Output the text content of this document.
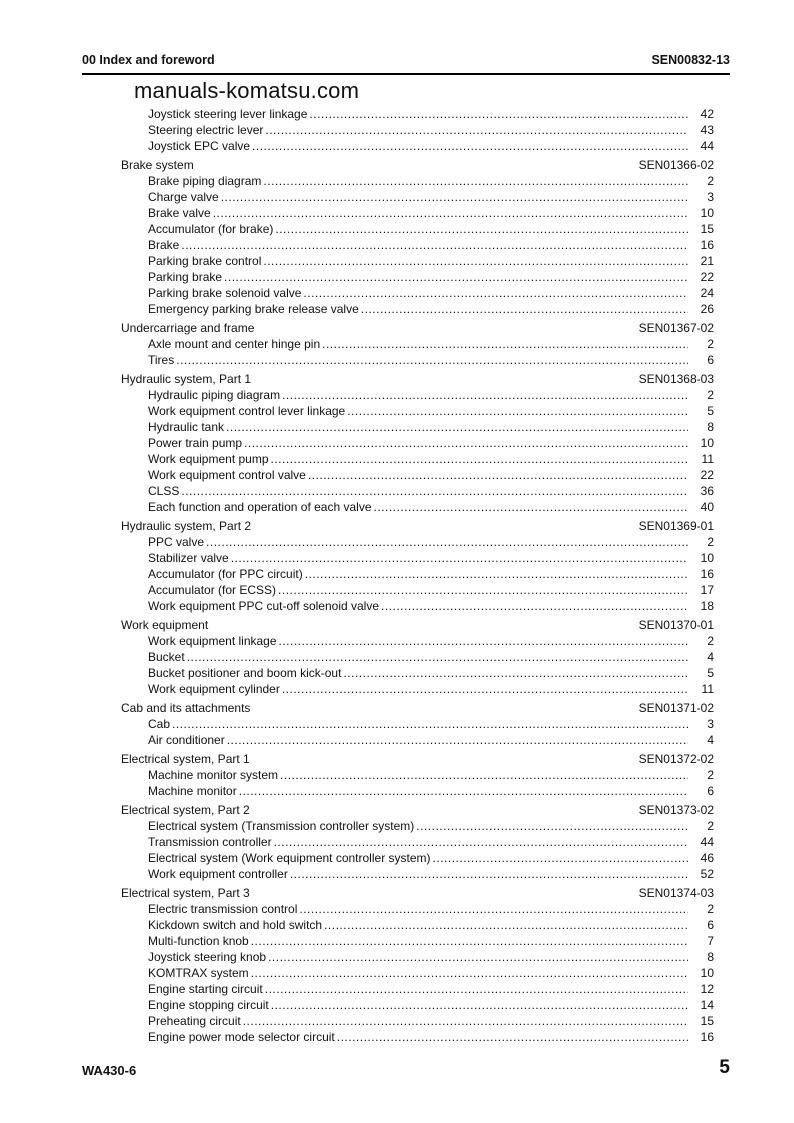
00 Index and foreword	SEN00832-13
manuals-komatsu.com
Joystick steering lever linkage .....	42
Steering electric lever .....	43
Joystick EPC valve .....	44
Brake system	SEN01366-02
Brake piping diagram .....	2
Charge valve .....	3
Brake valve .....	10
Accumulator (for brake) .....	15
Brake .....	16
Parking brake control .....	21
Parking brake .....	22
Parking brake solenoid valve .....	24
Emergency parking brake release valve .....	26
Undercarriage and frame	SEN01367-02
Axle mount and center hinge pin .....	2
Tires .....	6
Hydraulic system, Part 1	SEN01368-03
Hydraulic piping diagram .....	2
Work equipment control lever linkage .....	5
Hydraulic tank .....	8
Power train pump .....	10
Work equipment pump .....	11
Work equipment control valve .....	22
CLSS .....	36
Each function and operation of each valve .....	40
Hydraulic system, Part 2	SEN01369-01
PPC valve .....	2
Stabilizer valve .....	10
Accumulator (for PPC circuit) .....	16
Accumulator (for ECSS) .....	17
Work equipment PPC cut-off solenoid valve .....	18
Work equipment	SEN01370-01
Work equipment linkage .....	2
Bucket .....	4
Bucket positioner and boom kick-out .....	5
Work equipment cylinder .....	11
Cab and its attachments	SEN01371-02
Cab .....	3
Air conditioner .....	4
Electrical system, Part 1	SEN01372-02
Machine monitor system .....	2
Machine monitor .....	6
Electrical system, Part 2	SEN01373-02
Electrical system (Transmission controller system) .....	2
Transmission controller .....	44
Electrical system (Work equipment controller system) .....	46
Work equipment controller .....	52
Electrical system, Part 3	SEN01374-03
Electric transmission control .....	2
Kickdown switch and hold switch .....	6
Multi-function knob .....	7
Joystick steering knob .....	8
KOMTRAX system .....	10
Engine starting circuit .....	12
Engine stopping circuit .....	14
Preheating circuit .....	15
Engine power mode selector circuit .....	16
WA430-6	5
